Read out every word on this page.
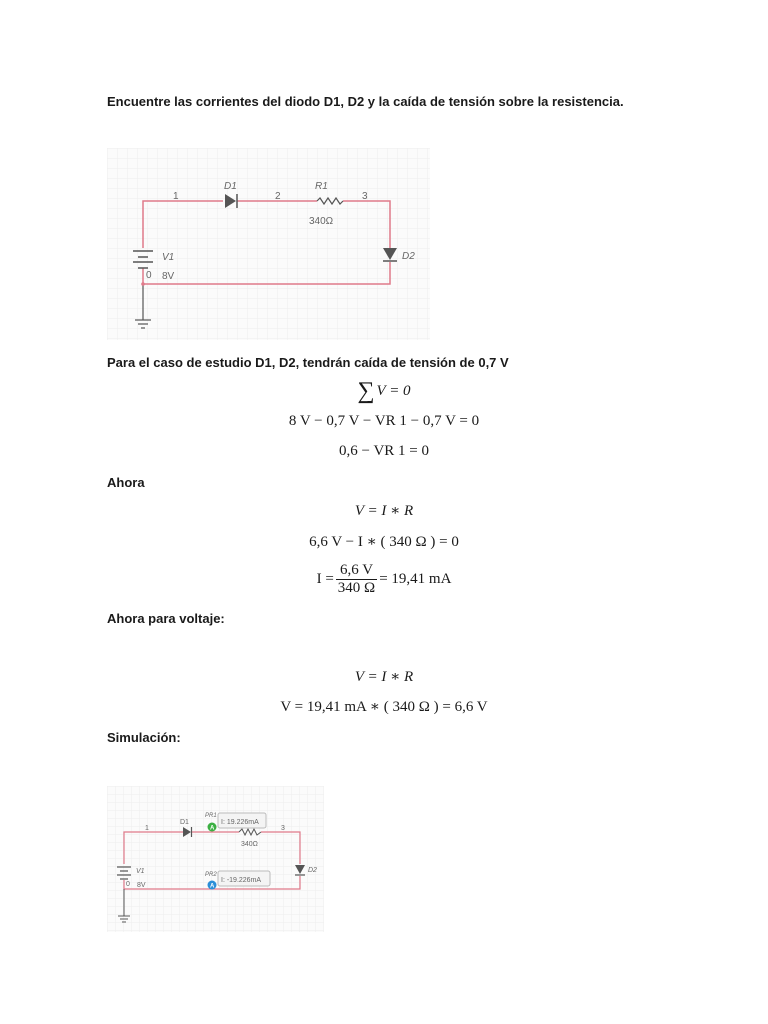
Encuentre las corrientes del diodo D1, D2 y la caída de tensión sobre la resistencia.
1
D1
2
R1
340Ω
3
D2
V1
0 8V
Para el caso de estudio D1, D2, tendrán caída de tensión de 0,7 V
∑ V = 0
8 V − 0,7 V − VR 1 − 0,7 V = 0
0,6 − VR 1 = 0
Ahora
V = I ∗ R
6,6 V − I ∗ ( 340 Ω ) = 0
$I = \frac{6,6 V}{340 \Omega} = 19,41$ mA
Ahora para voltaje:
V = I ∗ R
V = 19,41 mA ∗ ( 340 Ω ) = 6,6 V
Simulación:
A
A
1
D1
PR1
I: 19.226mA
3
340Ω
D2
V1
0 8V
PR2
I: -19.226mA
